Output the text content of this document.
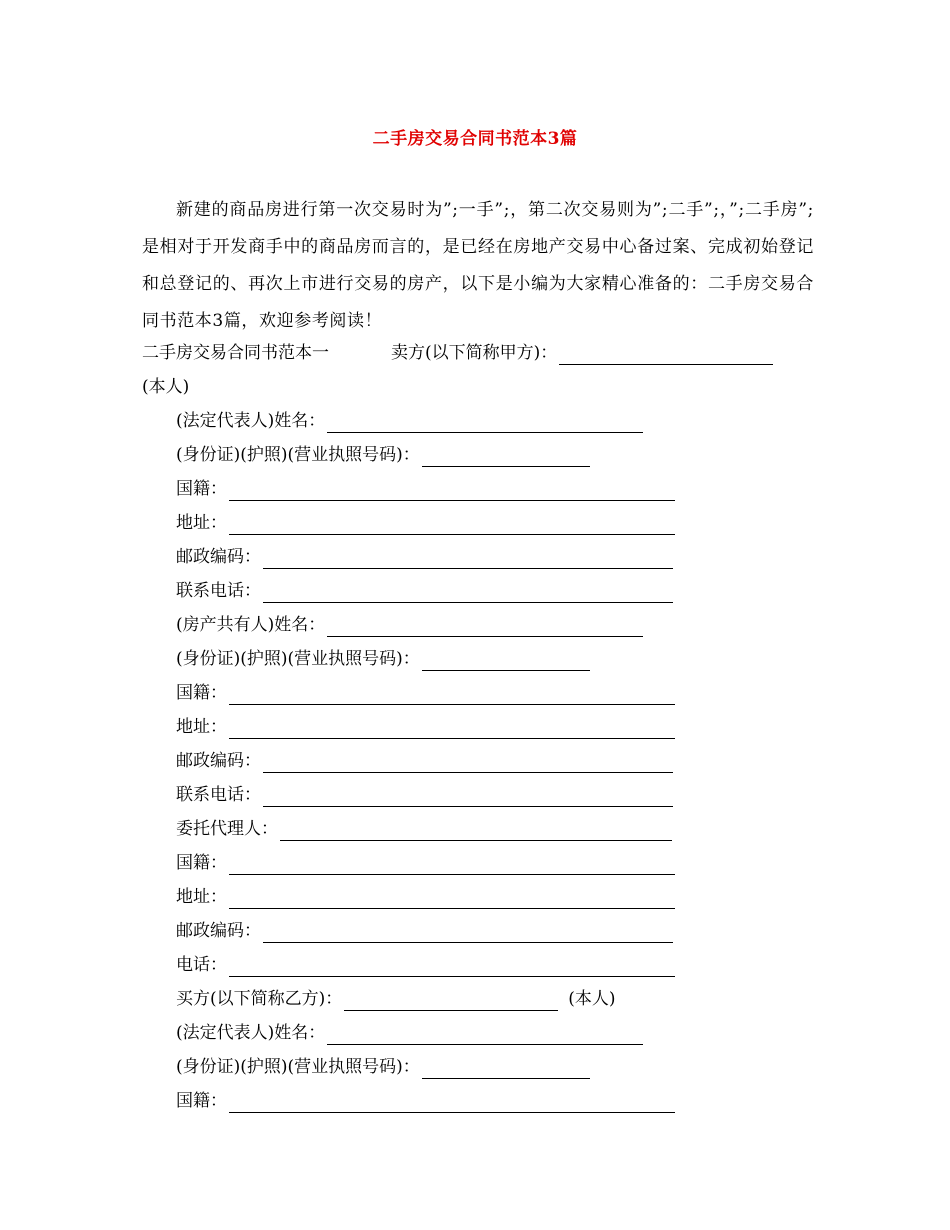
二手房交易合同书范本3篇
新建的商品房进行第一次交易时为”;一手”;，第二次交易则为”;二手”;，”;二手房”;是相对于开发商手中的商品房而言的，是已经在房地产交易中心备过案、完成初始登记和总登记的、再次上市进行交易的房产，以下是小编为大家精心准备的：二手房交易合同书范本3篇，欢迎参考阅读！
二手房交易合同书范本一	卖方(以下简称甲方)：
(本人)
(法定代表人)姓名：
(身份证)(护照)(营业执照号码)：
国籍：
地址：
邮政编码：
联系电话：
(房产共有人)姓名：
(身份证)(护照)(营业执照号码)：
国籍：
地址：
邮政编码：
联系电话：
委托代理人：
国籍：
地址：
邮政编码：
电话：
买方(以下简称乙方)：	(本人)
(法定代表人)姓名：
(身份证)(护照)(营业执照号码)：
国籍：
